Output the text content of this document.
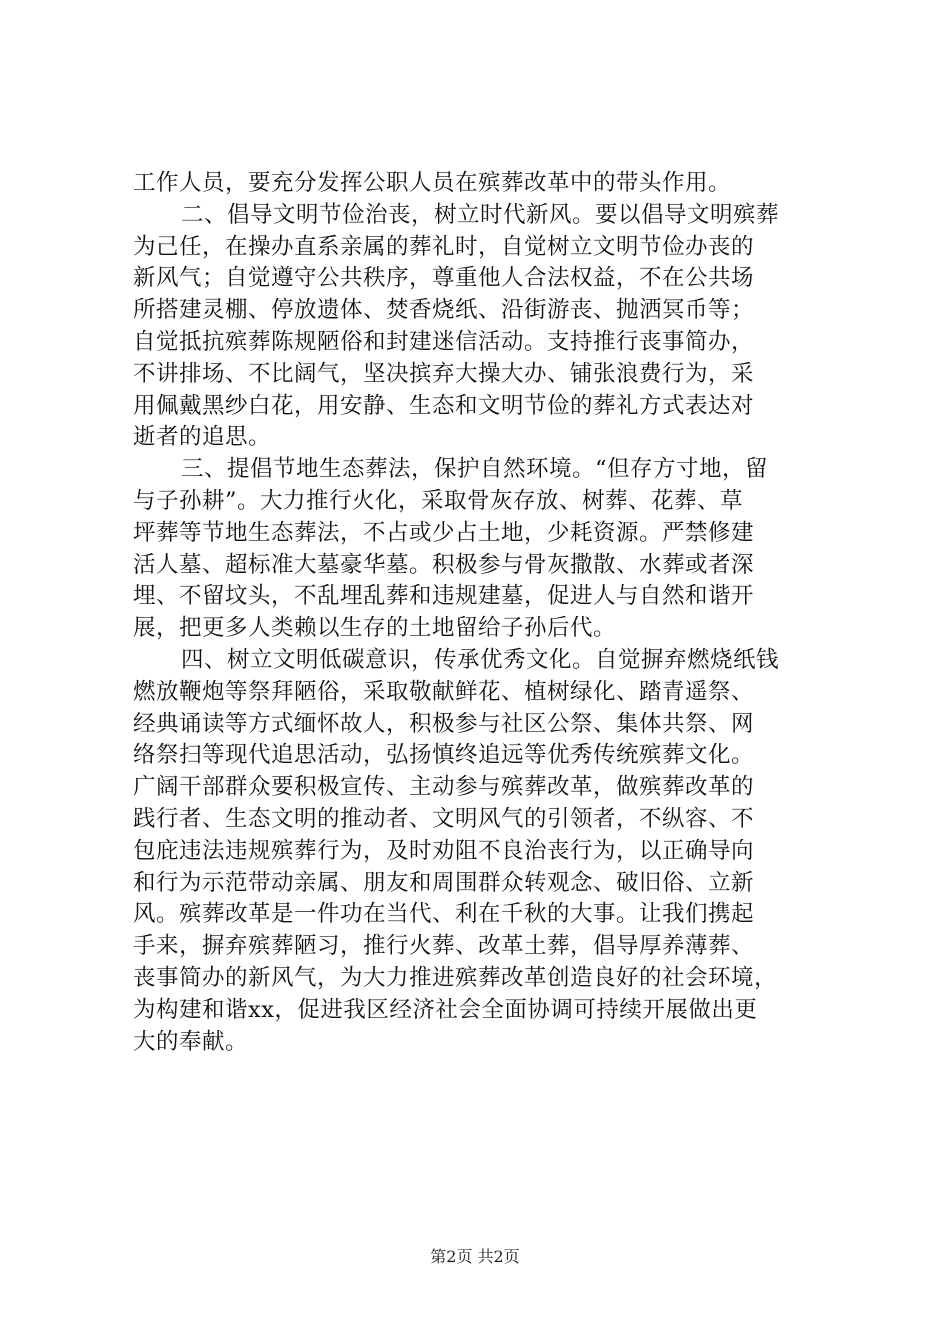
工作人员，要充分发挥公职人员在殡葬改革中的带头作用。
二、倡导文明节俭治丧，树立时代新风。要以倡导文明殡葬
为己任，在操办直系亲属的葬礼时，自觉树立文明节俭办丧的
新风气；自觉遵守公共秩序，尊重他人合法权益，不在公共场
所搭建灵棚、停放遗体、焚香烧纸、沿街游丧、抛洒冥币等；
自觉抵抗殡葬陈规陋俗和封建迷信活动。支持推行丧事简办，
不讲排场、不比阔气，坚决摈弃大操大办、铺张浪费行为，采
用佩戴黑纱白花，用安静、生态和文明节俭的葬礼方式表达对
逝者的追思。
三、提倡节地生态葬法，保护自然环境。“但存方寸地，留
与子孙耕”。大力推行火化，采取骨灰存放、树葬、花葬、草
坪葬等节地生态葬法，不占或少占土地，少耗资源。严禁修建
活人墓、超标准大墓豪华墓。积极参与骨灰撒散、水葬或者深
埋、不留坟头，不乱埋乱葬和违规建墓，促进人与自然和谐开
展，把更多人类赖以生存的土地留给子孙后代。
四、树立文明低碳意识，传承优秀文化。自觉摒弃燃烧纸钱
燃放鞭炮等祭拜陋俗，采取敬献鲜花、植树绿化、踏青遥祭、
经典诵读等方式缅怀故人，积极参与社区公祭、集体共祭、网
络祭扫等现代追思活动，弘扬慎终追远等优秀传统殡葬文化。
广阔干部群众要积极宣传、主动参与殡葬改革，做殡葬改革的
践行者、生态文明的推动者、文明风气的引领者，不纵容、不
包庇违法违规殡葬行为，及时劝阻不良治丧行为，以正确导向
和行为示范带动亲属、朋友和周围群众转观念、破旧俗、立新
风。殡葬改革是一件功在当代、利在千秋的大事。让我们携起
手来，摒弃殡葬陋习，推行火葬、改革土葬，倡导厚养薄葬、
丧事简办的新风气，为大力推进殡葬改革创造良好的社会环境，
为构建和谐xx，促进我区经济社会全面协调可持续开展做出更
大的奉献。
第2页 共2页
